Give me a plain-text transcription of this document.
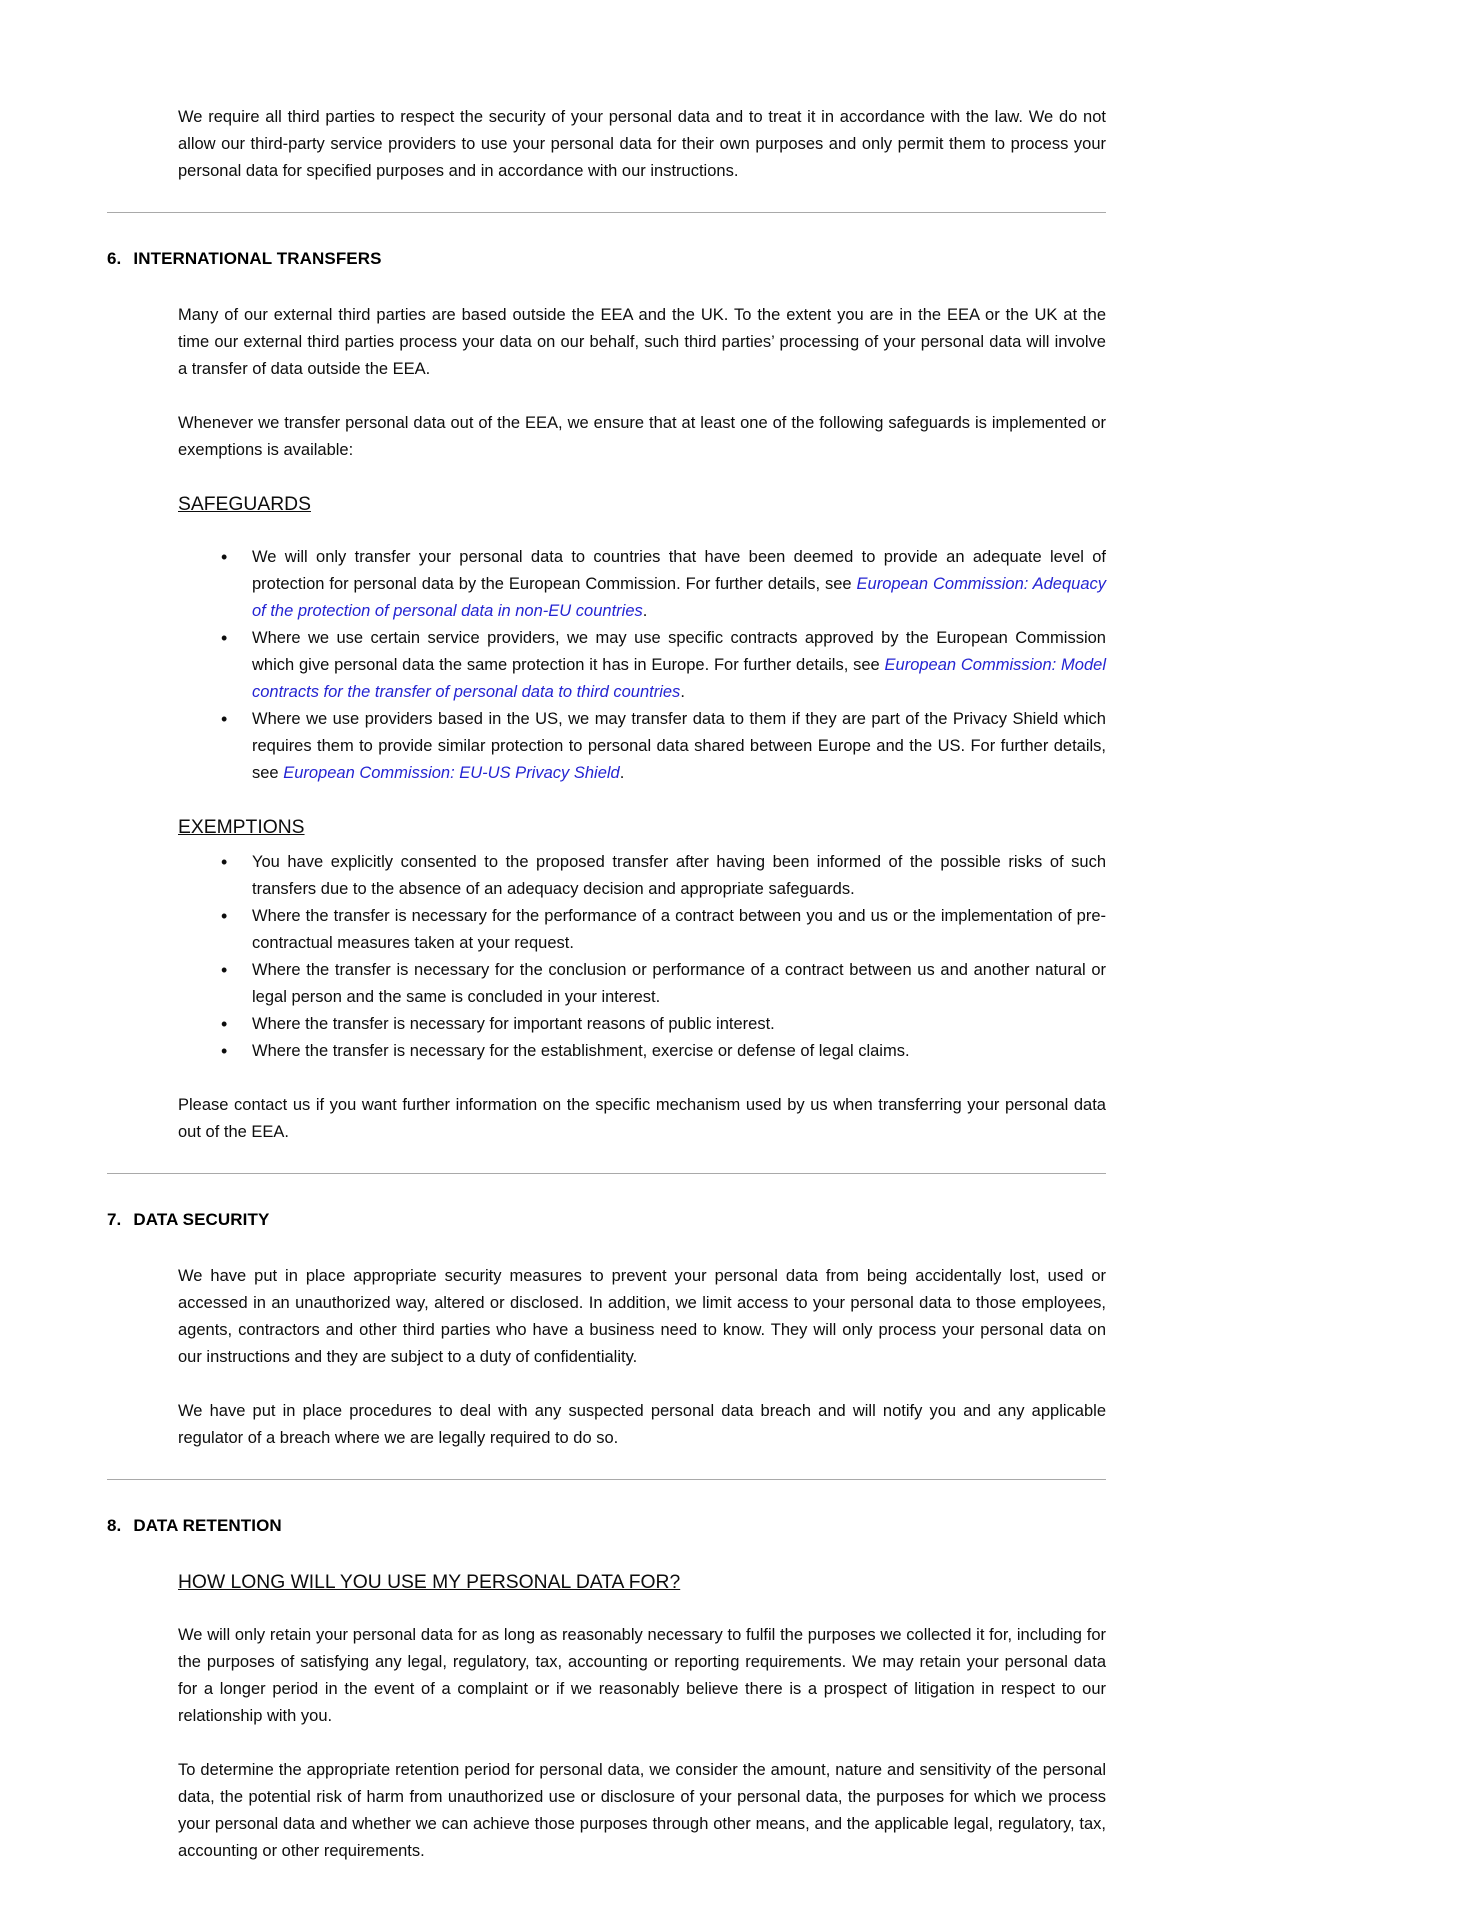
We require all third parties to respect the security of your personal data and to treat it in accordance with the law. We do not allow our third-party service providers to use your personal data for their own purposes and only permit them to process your personal data for specified purposes and in accordance with our instructions.

6. INTERNATIONAL TRANSFERS

Many of our external third parties are based outside the EEA and the UK. To the extent you are in the EEA or the UK at the time our external third parties process your data on our behalf, such third parties’ processing of your personal data will involve a transfer of data outside the EEA.

Whenever we transfer personal data out of the EEA, we ensure that at least one of the following safeguards is implemented or exemptions is available:

SAFEGUARDS
• We will only transfer your personal data to countries that have been deemed to provide an adequate level of protection for personal data by the European Commission. For further details, see European Commission: Adequacy of the protection of personal data in non-EU countries.
• Where we use certain service providers, we may use specific contracts approved by the European Commission which give personal data the same protection it has in Europe. For further details, see European Commission: Model contracts for the transfer of personal data to third countries.
• Where we use providers based in the US, we may transfer data to them if they are part of the Privacy Shield which requires them to provide similar protection to personal data shared between Europe and the US. For further details, see European Commission: EU-US Privacy Shield.
EXEMPTIONS
• You have explicitly consented to the proposed transfer after having been informed of the possible risks of such transfers due to the absence of an adequacy decision and appropriate safeguards.
• Where the transfer is necessary for the performance of a contract between you and us or the implementation of pre-contractual measures taken at your request.
• Where the transfer is necessary for the conclusion or performance of a contract between us and another natural or legal person and the same is concluded in your interest.
• Where the transfer is necessary for important reasons of public interest.
• Where the transfer is necessary for the establishment, exercise or defense of legal claims.

Please contact us if you want further information on the specific mechanism used by us when transferring your personal data out of the EEA.

7. DATA SECURITY

We have put in place appropriate security measures to prevent your personal data from being accidentally lost, used or accessed in an unauthorized way, altered or disclosed. In addition, we limit access to your personal data to those employees, agents, contractors and other third parties who have a business need to know. They will only process your personal data on our instructions and they are subject to a duty of confidentiality.

We have put in place procedures to deal with any suspected personal data breach and will notify you and any applicable regulator of a breach where we are legally required to do so.

8. DATA RETENTION
HOW LONG WILL YOU USE MY PERSONAL DATA FOR?

We will only retain your personal data for as long as reasonably necessary to fulfil the purposes we collected it for, including for the purposes of satisfying any legal, regulatory, tax, accounting or reporting requirements. We may retain your personal data for a longer period in the event of a complaint or if we reasonably believe there is a prospect of litigation in respect to our relationship with you.

To determine the appropriate retention period for personal data, we consider the amount, nature and sensitivity of the personal data, the potential risk of harm from unauthorized use or disclosure of your personal data, the purposes for which we process your personal data and whether we can achieve those purposes through other means, and the applicable legal, regulatory, tax, accounting or other requirements.
